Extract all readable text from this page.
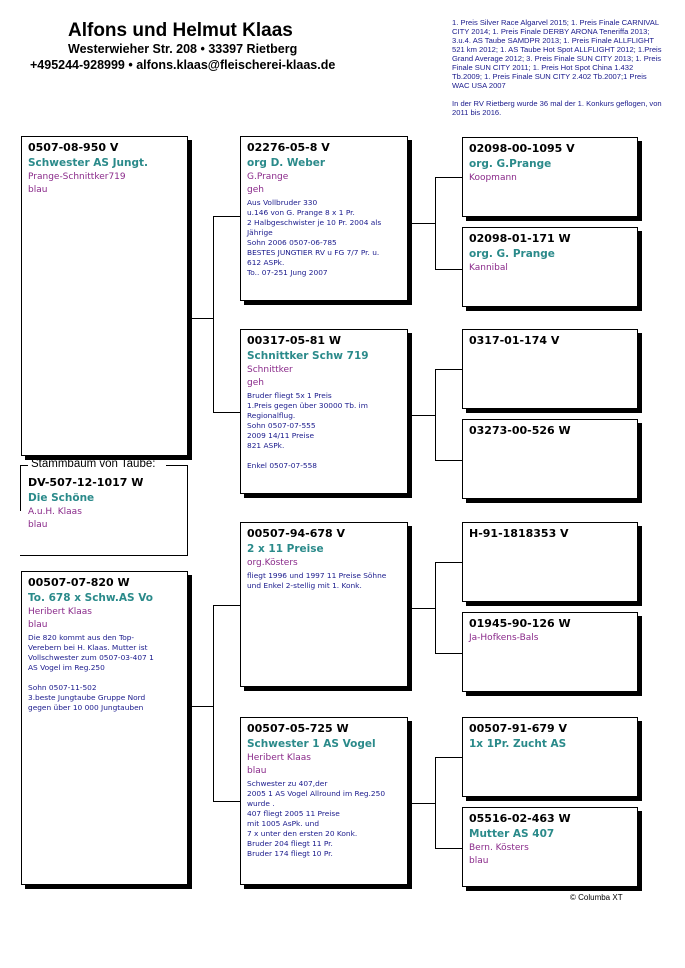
Alfons und Helmut Klaas
Westerwieher Str. 208 • 33397 Rietberg
+495244-928999 • alfons.klaas@fleischerei-klaas.de

1. Preis Silver Race Algarvel 2015; 1. Preis Finale CARNIVAL CITY 2014; 1. Preis Finale DERBY ARONA Teneriffa 2013; 3.u.4. AS Taube SAMDPR 2013; 1. Preis Finale ALLFLIGHT 521 km 2012; 1. AS Taube Hot Spot ALLFLIGHT 2012; 1.Preis Grand Average 2012; 3. Preis Finale SUN CITY 2013; 1. Preis Finale SUN CITY 2011; 1. Preis Hot Spot China 1.432 Tb.2009; 1. Preis Finale SUN CITY 2.402 Tb.2007;1 Preis WAC USA 2007

In der RV Rietberg wurde 36 mal der 1. Konkurs geflogen, von 2011 bis 2016.

Stammbaum von Taube:
DV-507-12-1017 W
Die Schöne
A.u.H. Klaas
blau
0507-08-950 V
Schwester AS Jungt.
Prange-Schnittker719
blau
00507-07-820 W
To. 678 x Schw.AS Vo
Heribert Klaas
blau
Die 820 kommt aus den Top-
Verebern bei H. Klaas. Mutter ist
Vollschwester zum 0507-03-407 1
AS Vogel im Reg.250

Sohn 0507-11-502
3.beste Jungtaube Gruppe Nord
gegen über 10 000 Jungtauben
02276-05-8 V
org D. Weber
G.Prange
geh
Aus Vollbruder 330
u.146 von G. Prange 8 x 1 Pr.
2 Halbgeschwister je 10 Pr. 2004 als
Jährige
Sohn 2006 0507-06-785
BESTES JUNGTIER RV u FG 7/7 Pr. u.
612 ASPk.
To.. 07-251 Jung 2007
00317-05-81 W
Schnittker Schw 719
Schnittker
geh
Bruder fliegt 5x 1 Preis
1.Preis gegen über 30000 Tb. im
Regionalflug.
Sohn 0507-07-555
2009 14/11 Preise
821 ASPk.

Enkel 0507-07-558
00507-94-678 V
2 x 11 Preise
org.Kösters
fliegt 1996 und 1997 11 Preise Söhne
und Enkel 2-stellig mit 1. Konk.
00507-05-725 W
Schwester 1 AS Vogel
Heribert Klaas
blau
Schwester zu 407,der
2005 1 AS Vogel Allround im Reg.250
wurde .
407 fliegt 2005 11 Preise
mit 1005 AsPk. und
7 x unter den ersten 20 Konk.
Bruder 204 fliegt 11 Pr.
Bruder 174 fliegt 10 Pr.
02098-00-1095 V
org. G.Prange
Koopmann
02098-01-171 W
org. G. Prange
Kannibal
0317-01-174 V
03273-00-526 W
H-91-1818353 V
01945-90-126 W
Ja-Hofkens-Bals
00507-91-679 V
1x 1Pr. Zucht AS
05516-02-463 W
Mutter AS 407
Bern. Kösters
blau
© Columba XT
